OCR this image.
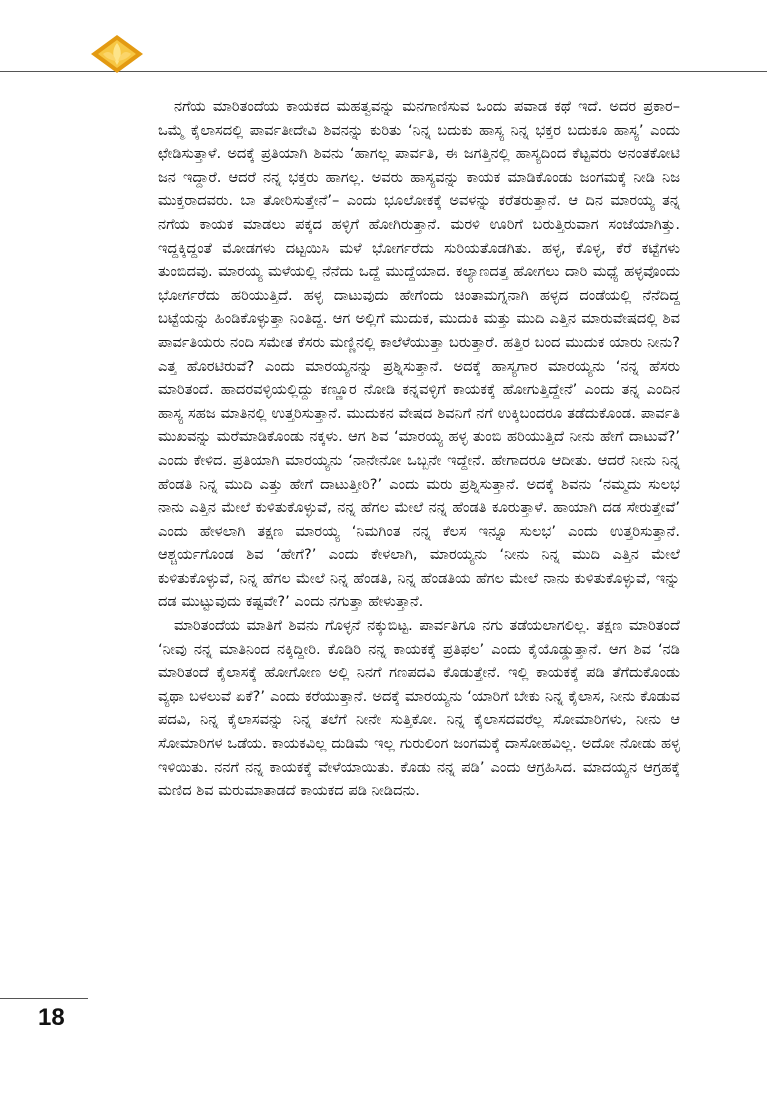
ನಗೆಯ ಮಾರಿತಂದೆಯ ಕಾಯಕದ ಮಹತ್ವವನ್ನು ಮನಗಾಣಿಸುವ ಒಂದು ಪವಾಡ ಕಥೆ ಇದೆ. ಅದರ ಪ್ರಕಾರ– ಒಮ್ಮೆ ಕೈಲಾಸದಲ್ಲಿ ಪಾರ್ವತೀದೇವಿ ಶಿವನನ್ನು ಕುರಿತು ‘ನಿನ್ನ ಬದುಕು ಹಾಸ್ಯ ನಿನ್ನ ಭಕ್ತರ ಬದುಕೂ ಹಾಸ್ಯ’ ಎಂದು ಛೇಡಿಸುತ್ತಾಳೆ. ಅದಕ್ಕೆ ಪ್ರತಿಯಾಗಿ ಶಿವನು ‘ಹಾಗಲ್ಲ ಪಾರ್ವತಿ, ಈ ಜಗತ್ತಿನಲ್ಲಿ ಹಾಸ್ಯದಿಂದ ಕೆಟ್ಟವರು ಅನಂತಕೋಟಿ ಜನ ಇದ್ದಾರೆ. ಆದರೆ ನನ್ನ ಭಕ್ತರು ಹಾಗಲ್ಲ. ಅವರು ಹಾಸ್ಯವನ್ನು ಕಾಯಕ ಮಾಡಿಕೊಂಡು ಜಂಗಮಕ್ಕೆ ನೀಡಿ ನಿಜ ಮುಕ್ತರಾದವರು. ಬಾ ತೋರಿಸುತ್ತೇನೆ’– ಎಂದು ಭೂಲೋಕಕ್ಕೆ ಅವಳನ್ನು ಕರೆತರುತ್ತಾನೆ. ಆ ದಿನ ಮಾರಯ್ಯ ತನ್ನ ನಗೆಯ ಕಾಯಕ ಮಾಡಲು ಪಕ್ಕದ ಹಳ್ಳಿಗೆ ಹೋಗಿರುತ್ತಾನೆ. ಮರಳಿ ಊರಿಗೆ ಬರುತ್ತಿರುವಾಗ ಸಂಜೆಯಾಗಿತ್ತು. ಇದ್ದಕ್ಕಿದ್ದಂತೆ ಮೋಡಗಳು ದಟ್ಟಯಿಸಿ ಮಳೆ ಭೋರ್ಗರೆದು ಸುರಿಯತೊಡಗಿತು. ಹಳ್ಳ, ಕೊಳ್ಳ, ಕೆರೆ ಕಟ್ಟೆಗಳು ತುಂಬಿದವು. ಮಾರಯ್ಯ ಮಳೆಯಲ್ಲಿ ನೆನೆದು ಒದ್ದೆ ಮುದ್ದೆಯಾದ. ಕಲ್ಯಾಣದತ್ತ ಹೋಗಲು ದಾರಿ ಮಧ್ಯೆ ಹಳ್ಳವೊಂದು ಭೋರ್ಗರೆದು ಹರಿಯುತ್ತಿದೆ. ಹಳ್ಳ ದಾಟುವುದು ಹೇಗೆಂದು ಚಿಂತಾಮಗ್ನನಾಗಿ ಹಳ್ಳದ ದಂಡೆಯಲ್ಲಿ ನೆನೆದಿದ್ದ ಬಟ್ಟೆಯನ್ನು ಹಿಂಡಿಕೊಳ್ಳುತ್ತಾ ನಿಂತಿದ್ದ. ಆಗ ಅಲ್ಲಿಗೆ ಮುದುಕ, ಮುದುಕಿ ಮತ್ತು ಮುದಿ ಎತ್ತಿನ ಮಾರುವೇಷದಲ್ಲಿ ಶಿವ ಪಾರ್ವತಿಯರು ನಂದಿ ಸಮೇತ ಕೆಸರು ಮಣ್ಣಿನಲ್ಲಿ ಕಾಲೆಳೆಯುತ್ತಾ ಬರುತ್ತಾರೆ. ಹತ್ತಿರ ಬಂದ ಮುದುಕ ಯಾರು ನೀನು? ಎತ್ತ ಹೊರಟಿರುವೆ? ಎಂದು ಮಾರಯ್ಯನನ್ನು ಪ್ರಶ್ನಿಸುತ್ತಾನೆ. ಅದಕ್ಕೆ ಹಾಸ್ಯಗಾರ ಮಾರಯ್ಯನು ‘ನನ್ನ ಹೆಸರು ಮಾರಿತಂದೆ. ಹಾದರವಳ್ಳಿಯಲ್ಲಿದ್ದು ಕಣ್ಣೂರ ನೋಡಿ ಕನ್ನವಳ್ಳಿಗೆ ಕಾಯಕಕ್ಕೆ ಹೋಗುತ್ತಿದ್ದೇನೆ’ ಎಂದು ತನ್ನ ಎಂದಿನ ಹಾಸ್ಯ ಸಹಜ ಮಾತಿನಲ್ಲಿ ಉತ್ತರಿಸುತ್ತಾನೆ. ಮುದುಕನ ವೇಷದ ಶಿವನಿಗೆ ನಗೆ ಉಕ್ಕಿಬಂದರೂ ತಡೆದುಕೊಂಡ. ಪಾರ್ವತಿ ಮುಖವನ್ನು ಮರೆಮಾಡಿಕೊಂಡು ನಕ್ಕಳು. ಆಗ ಶಿವ ‘ಮಾರಯ್ಯ ಹಳ್ಳ ತುಂಬಿ ಹರಿಯುತ್ತಿದೆ ನೀನು ಹೇಗೆ ದಾಟುವೆ?’ ಎಂದು ಕೇಳಿದ. ಪ್ರತಿಯಾಗಿ ಮಾರಯ್ಯನು ‘ನಾನೇನೋ ಒಬ್ಬನೇ ಇದ್ದೇನೆ. ಹೇಗಾದರೂ ಆದೀತು. ಆದರೆ ನೀನು ನಿನ್ನ ಹೆಂಡತಿ ನಿನ್ನ ಮುದಿ ಎತ್ತು ಹೇಗೆ ದಾಟುತ್ತೀರಿ?’ ಎಂದು ಮರು ಪ್ರಶ್ನಿಸುತ್ತಾನೆ. ಅದಕ್ಕೆ ಶಿವನು ‘ನಮ್ಮದು ಸುಲಭ ನಾನು ಎತ್ತಿನ ಮೇಲೆ ಕುಳಿತುಕೊಳ್ಳುವೆ, ನನ್ನ ಹೆಗಲ ಮೇಲೆ ನನ್ನ ಹೆಂಡತಿ ಕೂರುತ್ತಾಳೆ. ಹಾಯಾಗಿ ದಡ ಸೇರುತ್ತೇವೆ’ ಎಂದು ಹೇಳಲಾಗಿ ತಕ್ಷಣ ಮಾರಯ್ಯ ‘ನಿಮಗಿಂತ ನನ್ನ ಕೆಲಸ ಇನ್ನೂ ಸುಲಭ’ ಎಂದು ಉತ್ತರಿಸುತ್ತಾನೆ. ಆಶ್ಚರ್ಯಗೊಂಡ ಶಿವ ‘ಹೇಗೆ?’ ಎಂದು ಕೇಳಲಾಗಿ, ಮಾರಯ್ಯನು ‘ನೀನು ನಿನ್ನ ಮುದಿ ಎತ್ತಿನ ಮೇಲೆ ಕುಳಿತುಕೊಳ್ಳುವೆ, ನಿನ್ನ ಹೆಗಲ ಮೇಲೆ ನಿನ್ನ ಹೆಂಡತಿ, ನಿನ್ನ ಹೆಂಡತಿಯ ಹೆಗಲ ಮೇಲೆ ನಾನು ಕುಳಿತುಕೊಳ್ಳುವೆ, ಇನ್ನು ದಡ ಮುಟ್ಟುವುದು ಕಷ್ಟವೇ?’ ಎಂದು ನಗುತ್ತಾ ಹೇಳುತ್ತಾನೆ.

ಮಾರಿತಂದೆಯ ಮಾತಿಗೆ ಶಿವನು ಗೊಳ್ಳನೆ ನಕ್ಕುಬಿಟ್ಟ. ಪಾರ್ವತಿಗೂ ನಗು ತಡೆಯಲಾಗಲಿಲ್ಲ. ತಕ್ಷಣ ಮಾರಿತಂದೆ ‘ನೀವು ನನ್ನ ಮಾತಿನಿಂದ ನಕ್ಕಿದ್ದೀರಿ. ಕೊಡಿರಿ ನನ್ನ ಕಾಯಕಕ್ಕೆ ಪ್ರತಿಫಲ’ ಎಂದು ಕೈಯೊಡ್ಡುತ್ತಾನೆ. ಆಗ ಶಿವ ‘ನಡಿ ಮಾರಿತಂದೆ ಕೈಲಾಸಕ್ಕೆ ಹೋಗೋಣ ಅಲ್ಲಿ ನಿನಗೆ ಗಣಪದವಿ ಕೊಡುತ್ತೇನೆ. ಇಲ್ಲಿ ಕಾಯಕಕ್ಕೆ ಪಡಿ ತೆಗೆದುಕೊಂಡು ವ್ಯಥಾ ಬಳಲುವೆ ಏಕೆ?’ ಎಂದು ಕರೆಯುತ್ತಾನೆ. ಅದಕ್ಕೆ ಮಾರಯ್ಯನು ‘ಯಾರಿಗೆ ಬೇಕು ನಿನ್ನ ಕೈಲಾಸ, ನೀನು ಕೊಡುವ ಪದವಿ, ನಿನ್ನ ಕೈಲಾಸವನ್ನು ನಿನ್ನ ತಲೆಗೆ ನೀನೇ ಸುತ್ತಿಕೋ. ನಿನ್ನ ಕೈಲಾಸದವರೆಲ್ಲ ಸೋಮಾರಿಗಳು, ನೀನು ಆ ಸೋಮಾರಿಗಳ ಒಡೆಯ. ಕಾಯಕವಿಲ್ಲ ದುಡಿಮೆ ಇಲ್ಲ ಗುರುಲಿಂಗ ಜಂಗಮಕ್ಕೆ ದಾಸೋಹವಿಲ್ಲ. ಅದೋ ನೋಡು ಹಳ್ಳ ಇಳಿಯಿತು. ನನಗೆ ನನ್ನ ಕಾಯಕಕ್ಕೆ ವೇಳೆಯಾಯಿತು. ಕೊಡು ನನ್ನ ಪಡಿ’ ಎಂದು ಆಗ್ರಹಿಸಿದ. ಮಾದಯ್ಯನ ಆಗ್ರಹಕ್ಕೆ ಮಣಿದ ಶಿವ ಮರುಮಾತಾಡದೆ ಕಾಯಕದ ಪಡಿ ನೀಡಿದನು.

18
